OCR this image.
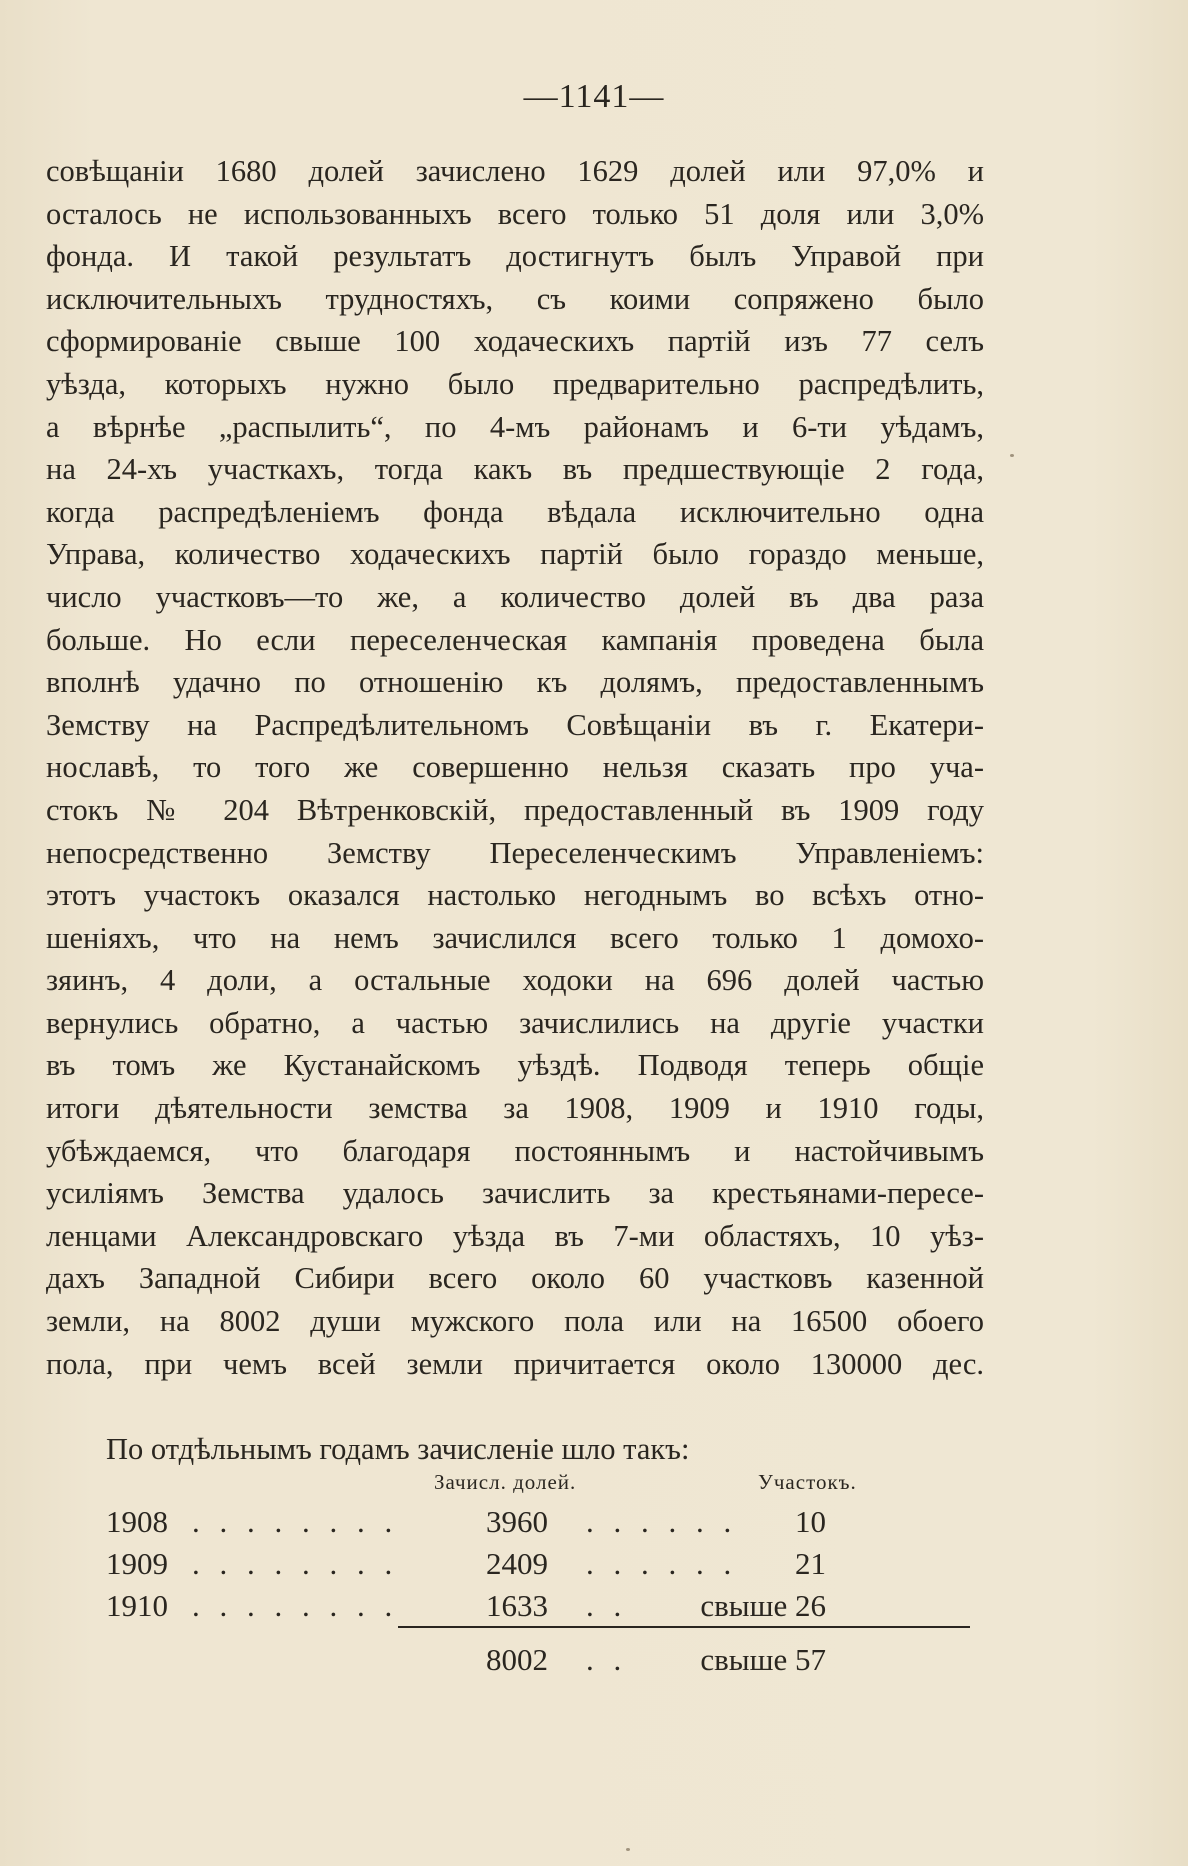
—1141—
совѣщаніи 1680 долей зачислено 1629 долей или 97,0% и
осталось не использованныхъ всего только 51 доля или 3,0%
фонда. И такой результатъ достигнутъ былъ Управой при
исключительныхъ трудностяхъ, съ коими сопряжено было
сформированіе свыше 100 ходаческихъ партій изъ 77 селъ
уѣзда, которыхъ нужно было предварительно распредѣлить,
а вѣрнѣе „распылить“, по 4-мъ районамъ и 6-ти уѣдамъ,
на 24-хъ участкахъ, тогда какъ въ предшествующіе 2 года,
когда распредѣленіемъ фонда вѣдала исключительно одна
Управа, количество ходаческихъ партій было гораздо меньше,
число участковъ—то же, а количество долей въ два раза
больше. Но если переселенческая кампанія проведена была
вполнѣ удачно по отношенію къ долямъ, предоставленнымъ
Земству на Распредѣлительномъ Совѣщаніи въ г. Екатери-
нославѣ, то того же совершенно нельзя сказать про уча-
стокъ № 204 Вѣтренковскій, предоставленный въ 1909 году
непосредственно Земству Переселенческимъ Управленіемъ:
этотъ участокъ оказался настолько негоднымъ во всѣхъ отно-
шеніяхъ, что на немъ зачислился всего только 1 домохо-
зяинъ, 4 доли, а остальные ходоки на 696 долей частью
вернулись обратно, а частью зачислились на другіе участки
въ томъ же Кустанайскомъ уѣздѣ. Подводя теперь общіе
итоги дѣятельности земства за 1908, 1909 и 1910 годы,
убѣждаемся, что благодаря постояннымъ и настойчивымъ
усиліямъ Земства удалось зачислить за крестьянами-пересе-
ленцами Александровскаго уѣзда въ 7-ми областяхъ, 10 уѣз-
дахъ Западной Сибири всего около 60 участковъ казенной
земли, на 8002 души мужского пола или на 16500 обоего
пола, при чемъ всей земли причитается около 130000 дес.
По отдѣльнымъ годамъ зачисленіе шло такъ:
Зачисл. долей.	Участокъ.
1908 . . . . . . . .	3960 . . . . . . 10
1909 . . . . . . . .	2409 . . . . . . 21
1910 . . . . . . . .	1633 . . свыше 26
8002 . . свыше 57
